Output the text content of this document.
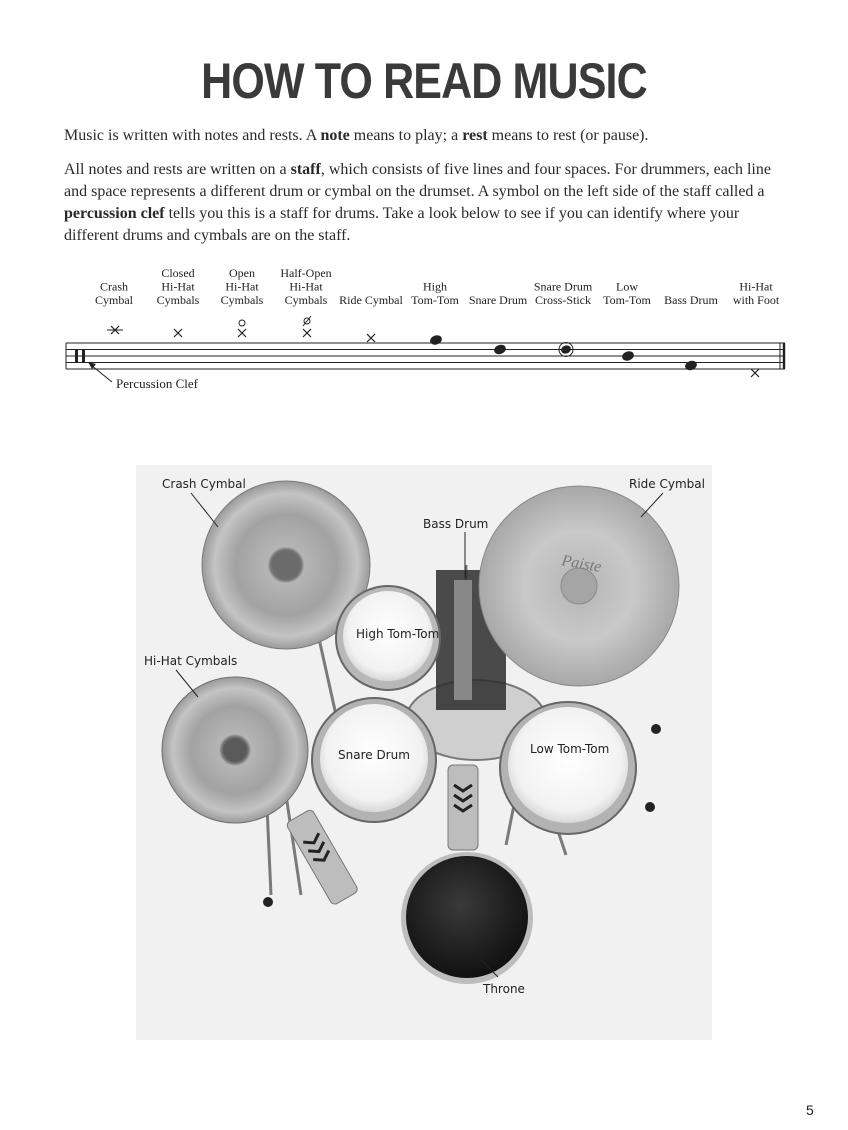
HOW TO READ MUSIC
Music is written with notes and rests. A note means to play; a rest means to rest (or pause).
All notes and rests are written on a staff, which consists of five lines and four spaces. For drummers, each line and space represents a different drum or cymbal on the drumset. A symbol on the left side of the staff called a percussion clef tells you this is a staff for drums. Take a look below to see if you can identify where your different drums and cymbals are on the staff.
Crash
Cymbal
Closed
Hi-Hat
Cymbals
Open
Hi-Hat
Cymbals
Half-Open
Hi-Hat
Cymbals Ride Cymbal
High
Tom-Tom Snare Drum
Snare Drum
Cross-Stick
Low
Tom-Tom Bass Drum
Hi-Hat
with Foot
Percussion Clef
Paiste
Crash Cymbal	Ride Cymbal
Bass Drum
High Tom-Tom
Hi-Hat Cymbals
Snare Drum	Low Tom-Tom
Throne
5
